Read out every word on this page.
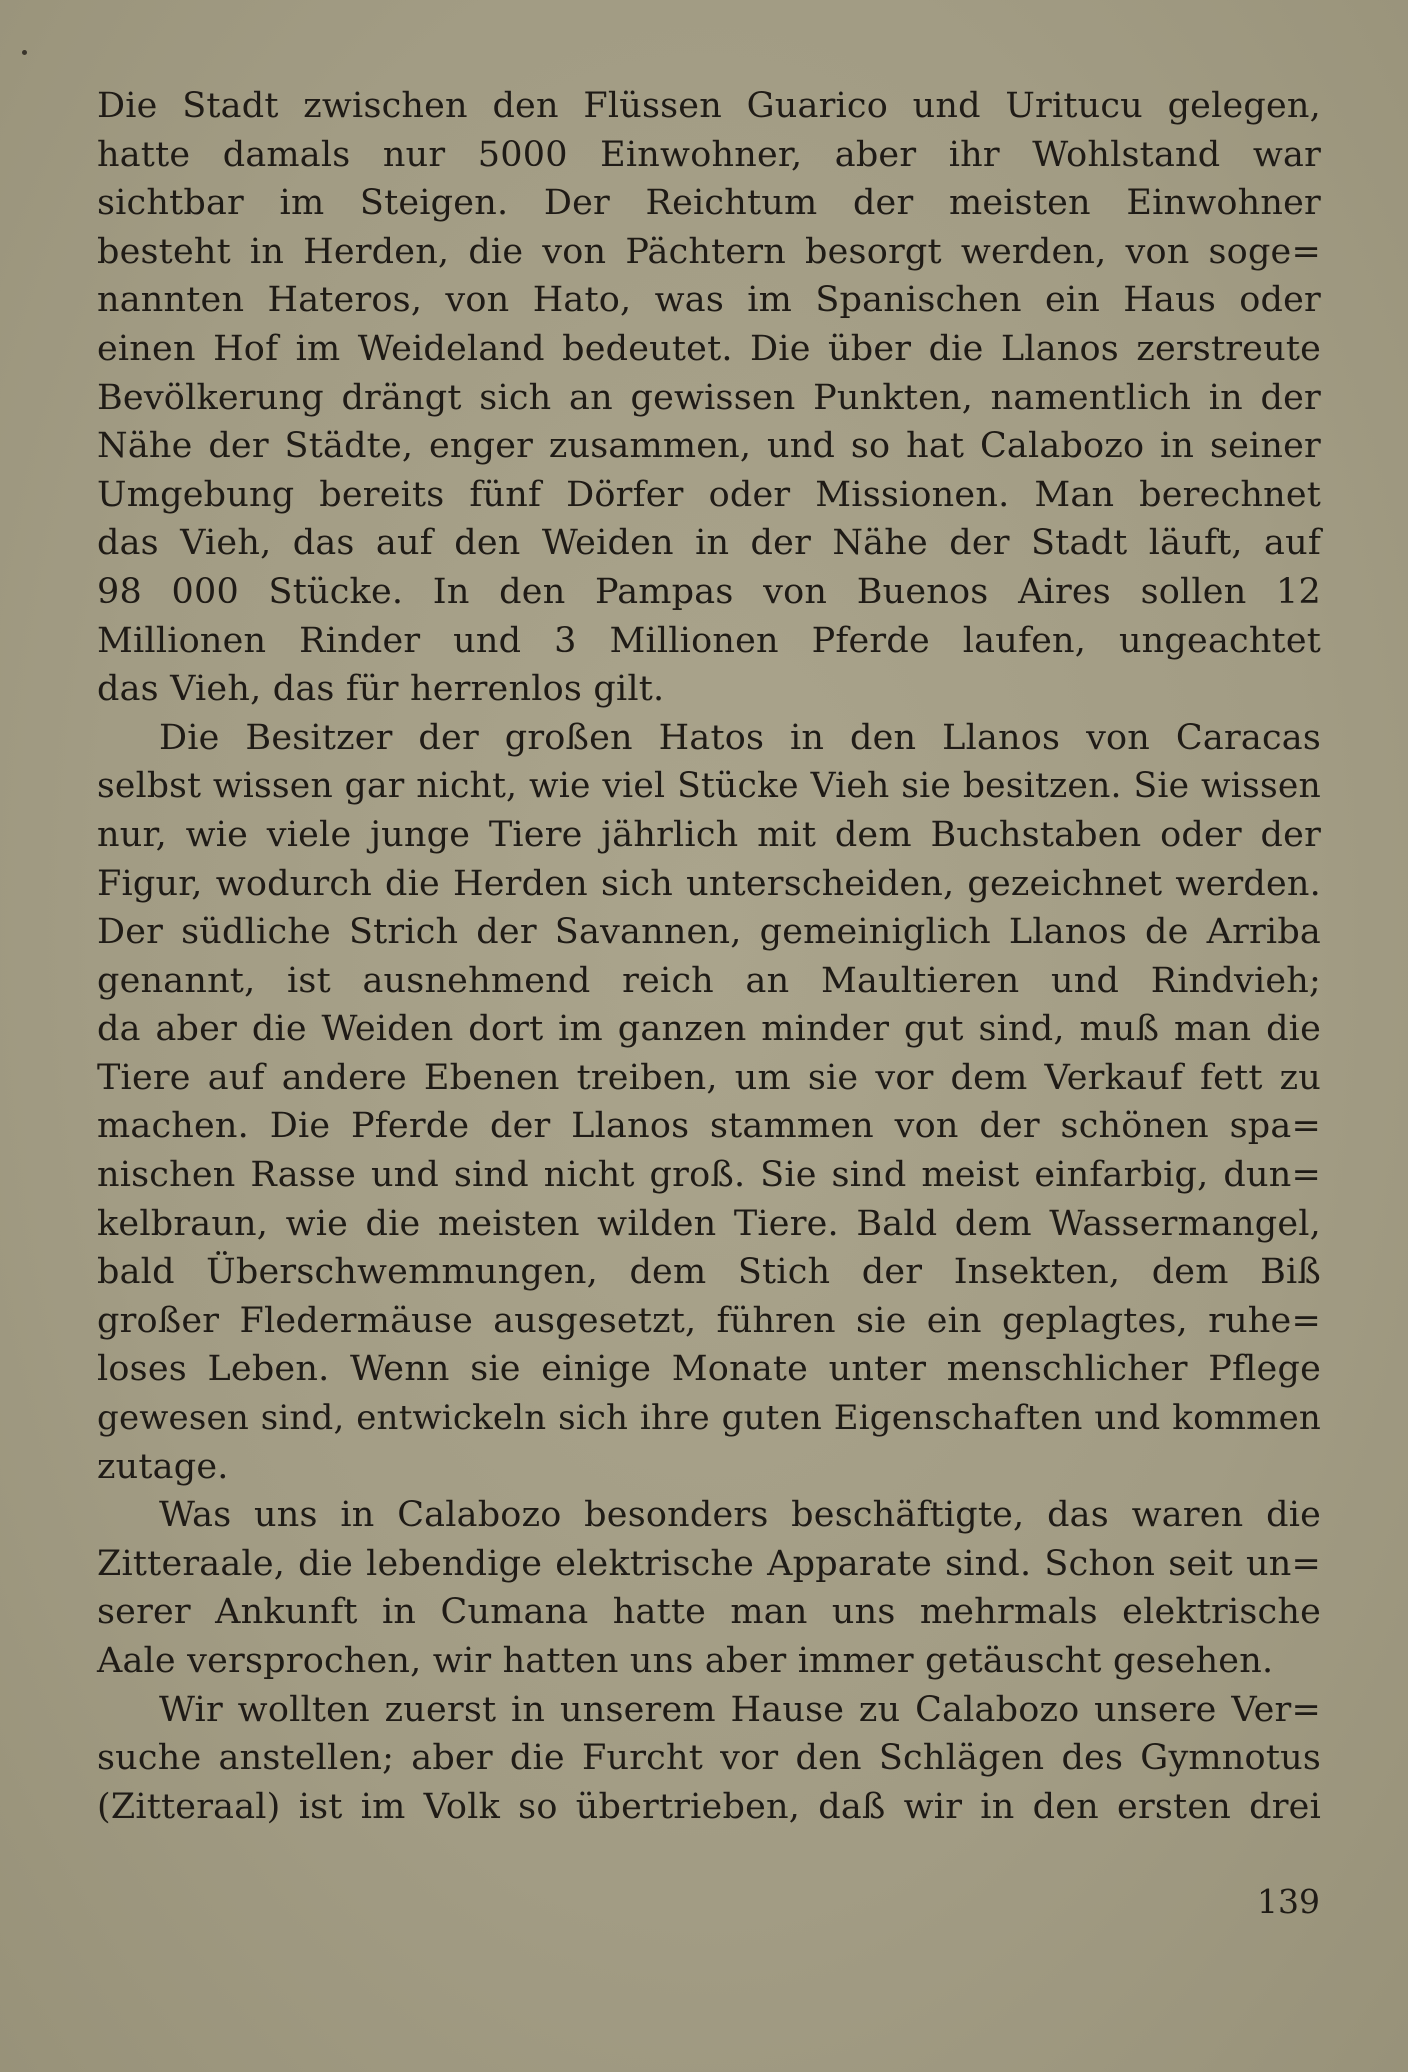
Die Stadt zwischen den Flüssen Guarico und Uritucu gelegen,
hatte damals nur 5000 Einwohner, aber ihr Wohlstand war
sichtbar im Steigen. Der Reichtum der meisten Einwohner
besteht in Herden, die von Pächtern besorgt werden, von soge=
nannten Hateros, von Hato, was im Spanischen ein Haus oder
einen Hof im Weideland bedeutet. Die über die Llanos zerstreute
Bevölkerung drängt sich an gewissen Punkten, namentlich in der
Nähe der Städte, enger zusammen, und so hat Calabozo in seiner
Umgebung bereits fünf Dörfer oder Missionen. Man berechnet
das Vieh, das auf den Weiden in der Nähe der Stadt läuft, auf
98 000 Stücke. In den Pampas von Buenos Aires sollen 12
Millionen Rinder und 3 Millionen Pferde laufen, ungeachtet
das Vieh, das für herrenlos gilt.
Die Besitzer der großen Hatos in den Llanos von Caracas
selbst wissen gar nicht, wie viel Stücke Vieh sie besitzen. Sie wissen
nur, wie viele junge Tiere jährlich mit dem Buchstaben oder der
Figur, wodurch die Herden sich unterscheiden, gezeichnet werden.
Der südliche Strich der Savannen, gemeiniglich Llanos de Arriba
genannt, ist ausnehmend reich an Maultieren und Rindvieh;
da aber die Weiden dort im ganzen minder gut sind, muß man die
Tiere auf andere Ebenen treiben, um sie vor dem Verkauf fett zu
machen. Die Pferde der Llanos stammen von der schönen spa=
nischen Rasse und sind nicht groß. Sie sind meist einfarbig, dun=
kelbraun, wie die meisten wilden Tiere. Bald dem Wassermangel,
bald Überschwemmungen, dem Stich der Insekten, dem Biß
großer Fledermäuse ausgesetzt, führen sie ein geplagtes, ruhe=
loses Leben. Wenn sie einige Monate unter menschlicher Pflege
gewesen sind, entwickeln sich ihre guten Eigenschaften und kommen
zutage.
Was uns in Calabozo besonders beschäftigte, das waren die
Zitteraale, die lebendige elektrische Apparate sind. Schon seit un=
serer Ankunft in Cumana hatte man uns mehrmals elektrische
Aale versprochen, wir hatten uns aber immer getäuscht gesehen.
Wir wollten zuerst in unserem Hause zu Calabozo unsere Ver=
suche anstellen; aber die Furcht vor den Schlägen des Gymnotus
(Zitteraal) ist im Volk so übertrieben, daß wir in den ersten drei
139
